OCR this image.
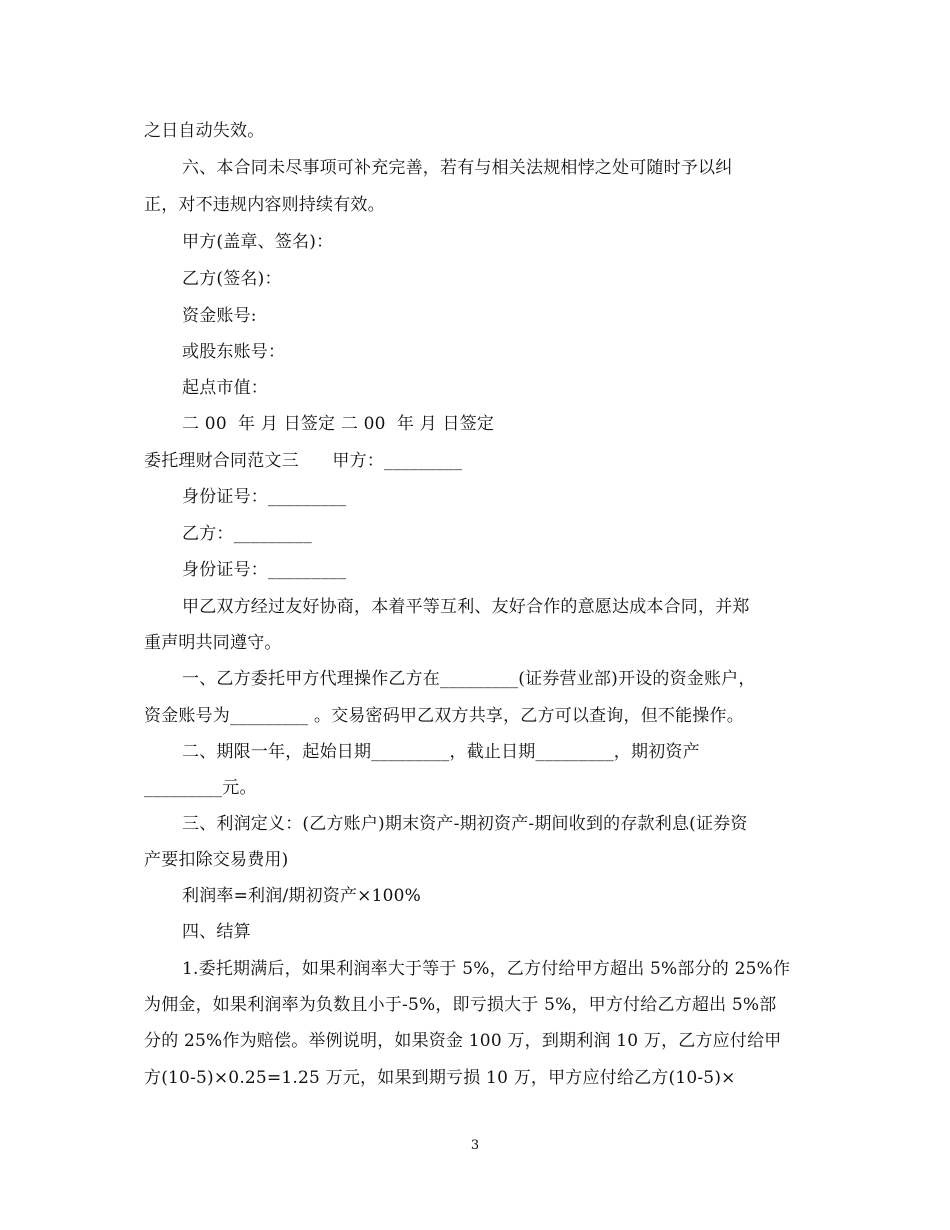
之日自动失效。
六、本合同未尽事项可补充完善，若有与相关法规相悖之处可随时予以纠
正，对不违规内容则持续有效。
甲方(盖章、签名)：
乙方(签名)：
资金账号:
或股东账号：
起点市值：
二 00  年 月 日签定 二 00  年 月 日签定
委托理财合同范文三      甲方：_________
身份证号：_________
乙方：_________
身份证号：_________
甲乙双方经过友好协商，本着平等互利、友好合作的意愿达成本合同，并郑
重声明共同遵守。
一、乙方委托甲方代理操作乙方在_________(证券营业部)开设的资金账户，
资金账号为_________ 。交易密码甲乙双方共享，乙方可以查询，但不能操作。
二、期限一年，起始日期_________，截止日期_________，期初资产
_________元。
三、利润定义：(乙方账户)期末资产-期初资产-期间收到的存款利息(证券资
产要扣除交易费用)
利润率=利润/期初资产×100%
四、结算
1.委托期满后，如果利润率大于等于 5%，乙方付给甲方超出 5%部分的 25%作
为佣金，如果利润率为负数且小于-5%，即亏损大于 5%，甲方付给乙方超出 5%部
分的 25%作为赔偿。举例说明，如果资金 100 万，到期利润 10 万，乙方应付给甲
方(10-5)×0.25=1.25 万元，如果到期亏损 10 万，甲方应付给乙方(10-5)×
3
